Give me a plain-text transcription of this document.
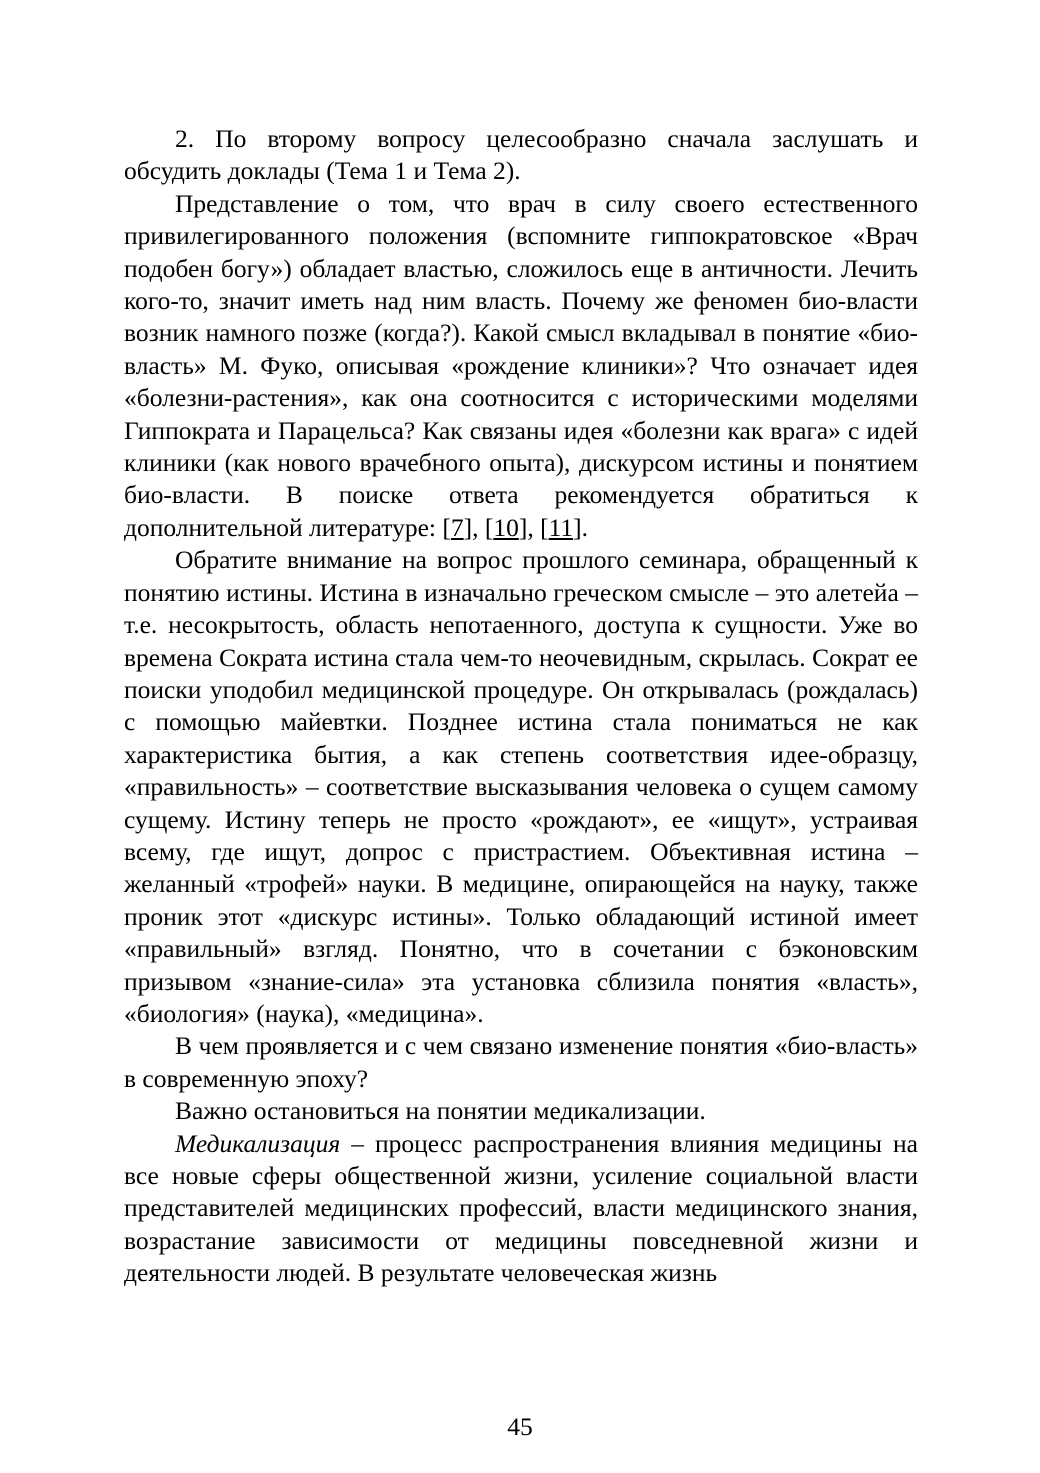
2. По второму вопросу целесообразно сначала заслушать и обсудить доклады (Тема 1 и Тема 2).

Представление о том, что врач в силу своего естественного привилегированного положения (вспомните гиппократовское «Врач подобен богу») обладает властью, сложилось еще в античности. Лечить кого-то, значит иметь над ним власть. Почему же феномен био-власти возник намного позже (когда?). Какой смысл вкладывал в понятие «био-власть» М. Фуко, описывая «рождение клиники»? Что означает идея «болезни-растения», как она соотносится с историческими моделями Гиппократа и Парацельса? Как связаны идея «болезни как врага» с идей клиники (как нового врачебного опыта), дискурсом истины и понятием био-власти. В поиске ответа рекомендуется обратиться к дополнительной литературе: [7], [10], [11].

Обратите внимание на вопрос прошлого семинара, обращенный к понятию истины. Истина в изначально греческом смысле – это алетейа – т.е. несокрытость, область непотаенного, доступа к сущности. Уже во времена Сократа истина стала чем-то неочевидным, скрылась. Сократ ее поиски уподобил медицинской процедуре. Он открывалась (рождалась) с помощью майевтки. Позднее истина стала пониматься не как характеристика бытия, а как степень соответствия идее-образцу, «правильность» – соответствие высказывания человека о сущем самому сущему. Истину теперь не просто «рождают», ее «ищут», устраивая всему, где ищут, допрос с пристрастием. Объективная истина – желанный «трофей» науки. В медицине, опирающейся на науку, также проник этот «дискурс истины». Только обладающий истиной имеет «правильный» взгляд. Понятно, что в сочетании с бэконовским призывом «знание-сила» эта установка сблизила понятия «власть», «биология» (наука), «медицина».

В чем проявляется и с чем связано изменение понятия «био-власть» в современную эпоху?

Важно остановиться на понятии медикализации.

Медикализация – процесс распространения влияния медицины на все новые сферы общественной жизни, усиление социальной власти представителей медицинских профессий, власти медицинского знания, возрастание зависимости от медицины повседневной жизни и деятельности людей. В результате человеческая жизнь

45
